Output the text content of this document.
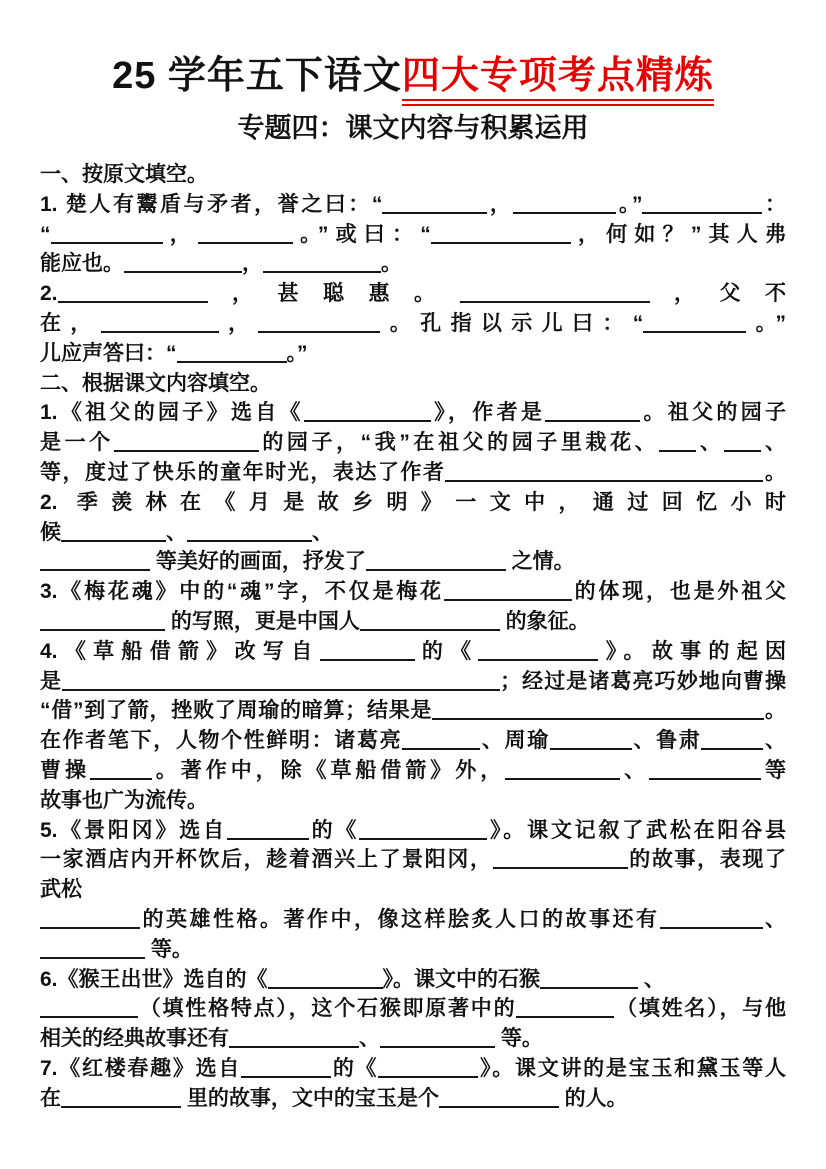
25 学年五下语文四大专项考点精炼
专题四：课文内容与积累运用
一、按原文填空。
1. 楚人有鬻盾与矛者，誉之曰：“	，	。”	：
“	，	。”或曰：“	，何如？”其人弗
能应也。	，	。
2.	，甚聪惠。	，父不
在，	，	。孔指以示儿曰：“	。”
儿应声答曰：“	。”
二、根据课文内容填空。
1.《祖父的园子》选自《	》，作者是	。祖父的园子
是一个	的园子，“我”在祖父的园子里栽花、 、 、
等，度过了快乐的童年时光，表达了作者	。
2. 季羡林在《月是故乡明》一文中，通过回忆小时
候	、	、
等美好的画面，抒发了	之情。
3.《梅花魂》中的“魂”字，不仅是梅花	的体现，也是外祖父
的写照，更是中国人	的象征。
4.《草船借箭》改写自	的《	》。故事的起因
是	；经过是诸葛亮巧妙地向曹操
“借”到了箭，挫败了周瑜的暗算；结果是	。
在作者笔下，人物个性鲜明：诸葛亮	、周瑜	、鲁肃	、
曹操	。著作中，除《草船借箭》外，	、	等
故事也广为流传。
5.《景阳冈》选自	的《	》。课文记叙了武松在阳谷县
一家酒店内开杯饮后，趁着酒兴上了景阳冈，	的故事，表现了
武松
的英雄性格。著作中，像这样脍炙人口的故事还有	、
等。
6.《猴王出世》选自的《	》。课文中的石猴	、
（填性格特点），这个石猴即原著中的	（填姓名），与他
相关的经典故事还有	、	等。
7.《红楼春趣》选自	的《	》。课文讲的是宝玉和黛玉等人
在	里的故事，文中的宝玉是个	的人。
